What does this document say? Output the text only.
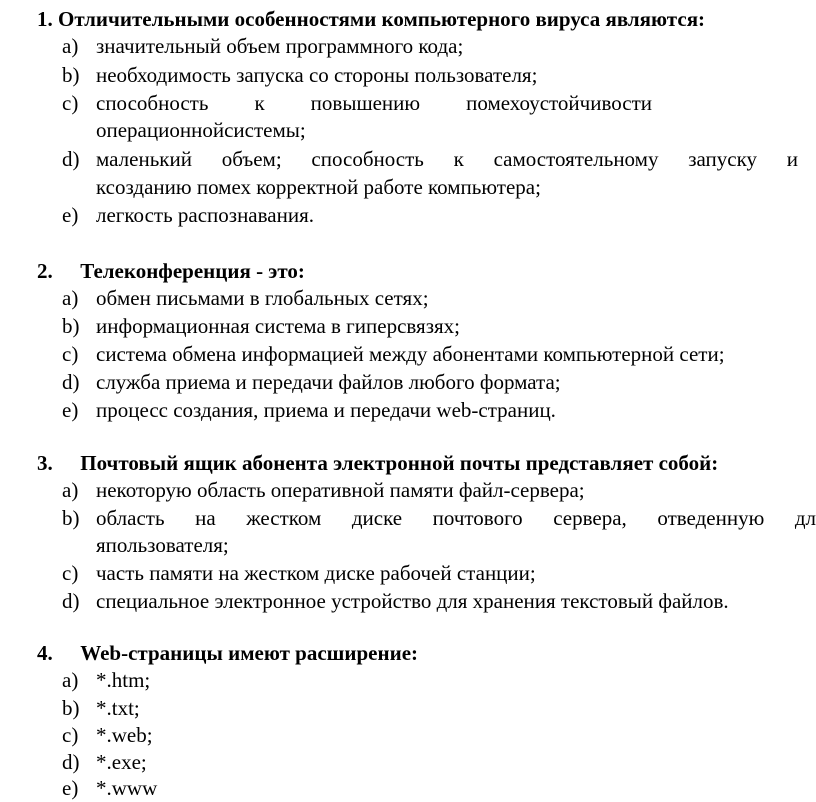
1. Отличительными особенностями компьютерного вируса являются:
a) значительный объем программного кода;
b) необходимость запуска со стороны пользователя;
c) способность к повышению помехоустойчивости
операционнойсистемы;
d) маленький объем; способность к самостоятельному запуску и
ксозданию помех корректной работе компьютера;
e) легкость распознавания.
2. Телеконференция - это:
a) обмен письмами в глобальных сетях;
b) информационная система в гиперсвязях;
c) система обмена информацией между абонентами компьютерной сети;
d) служба приема и передачи файлов любого формата;
e) процесс создания, приема и передачи web-страниц.
3. Почтовый ящик абонента электронной почты представляет собой:
a) некоторую область оперативной памяти файл-сервера;
b) область на жестком диске почтового сервера, отведенную дл
япользователя;
c) часть памяти на жестком диске рабочей станции;
d) специальное электронное устройство для хранения текстовый файлов.
4. Web-страницы имеют расширение:
a) *.htm;
b) *.txt;
c) *.web;
d) *.exe;
e) *.www
